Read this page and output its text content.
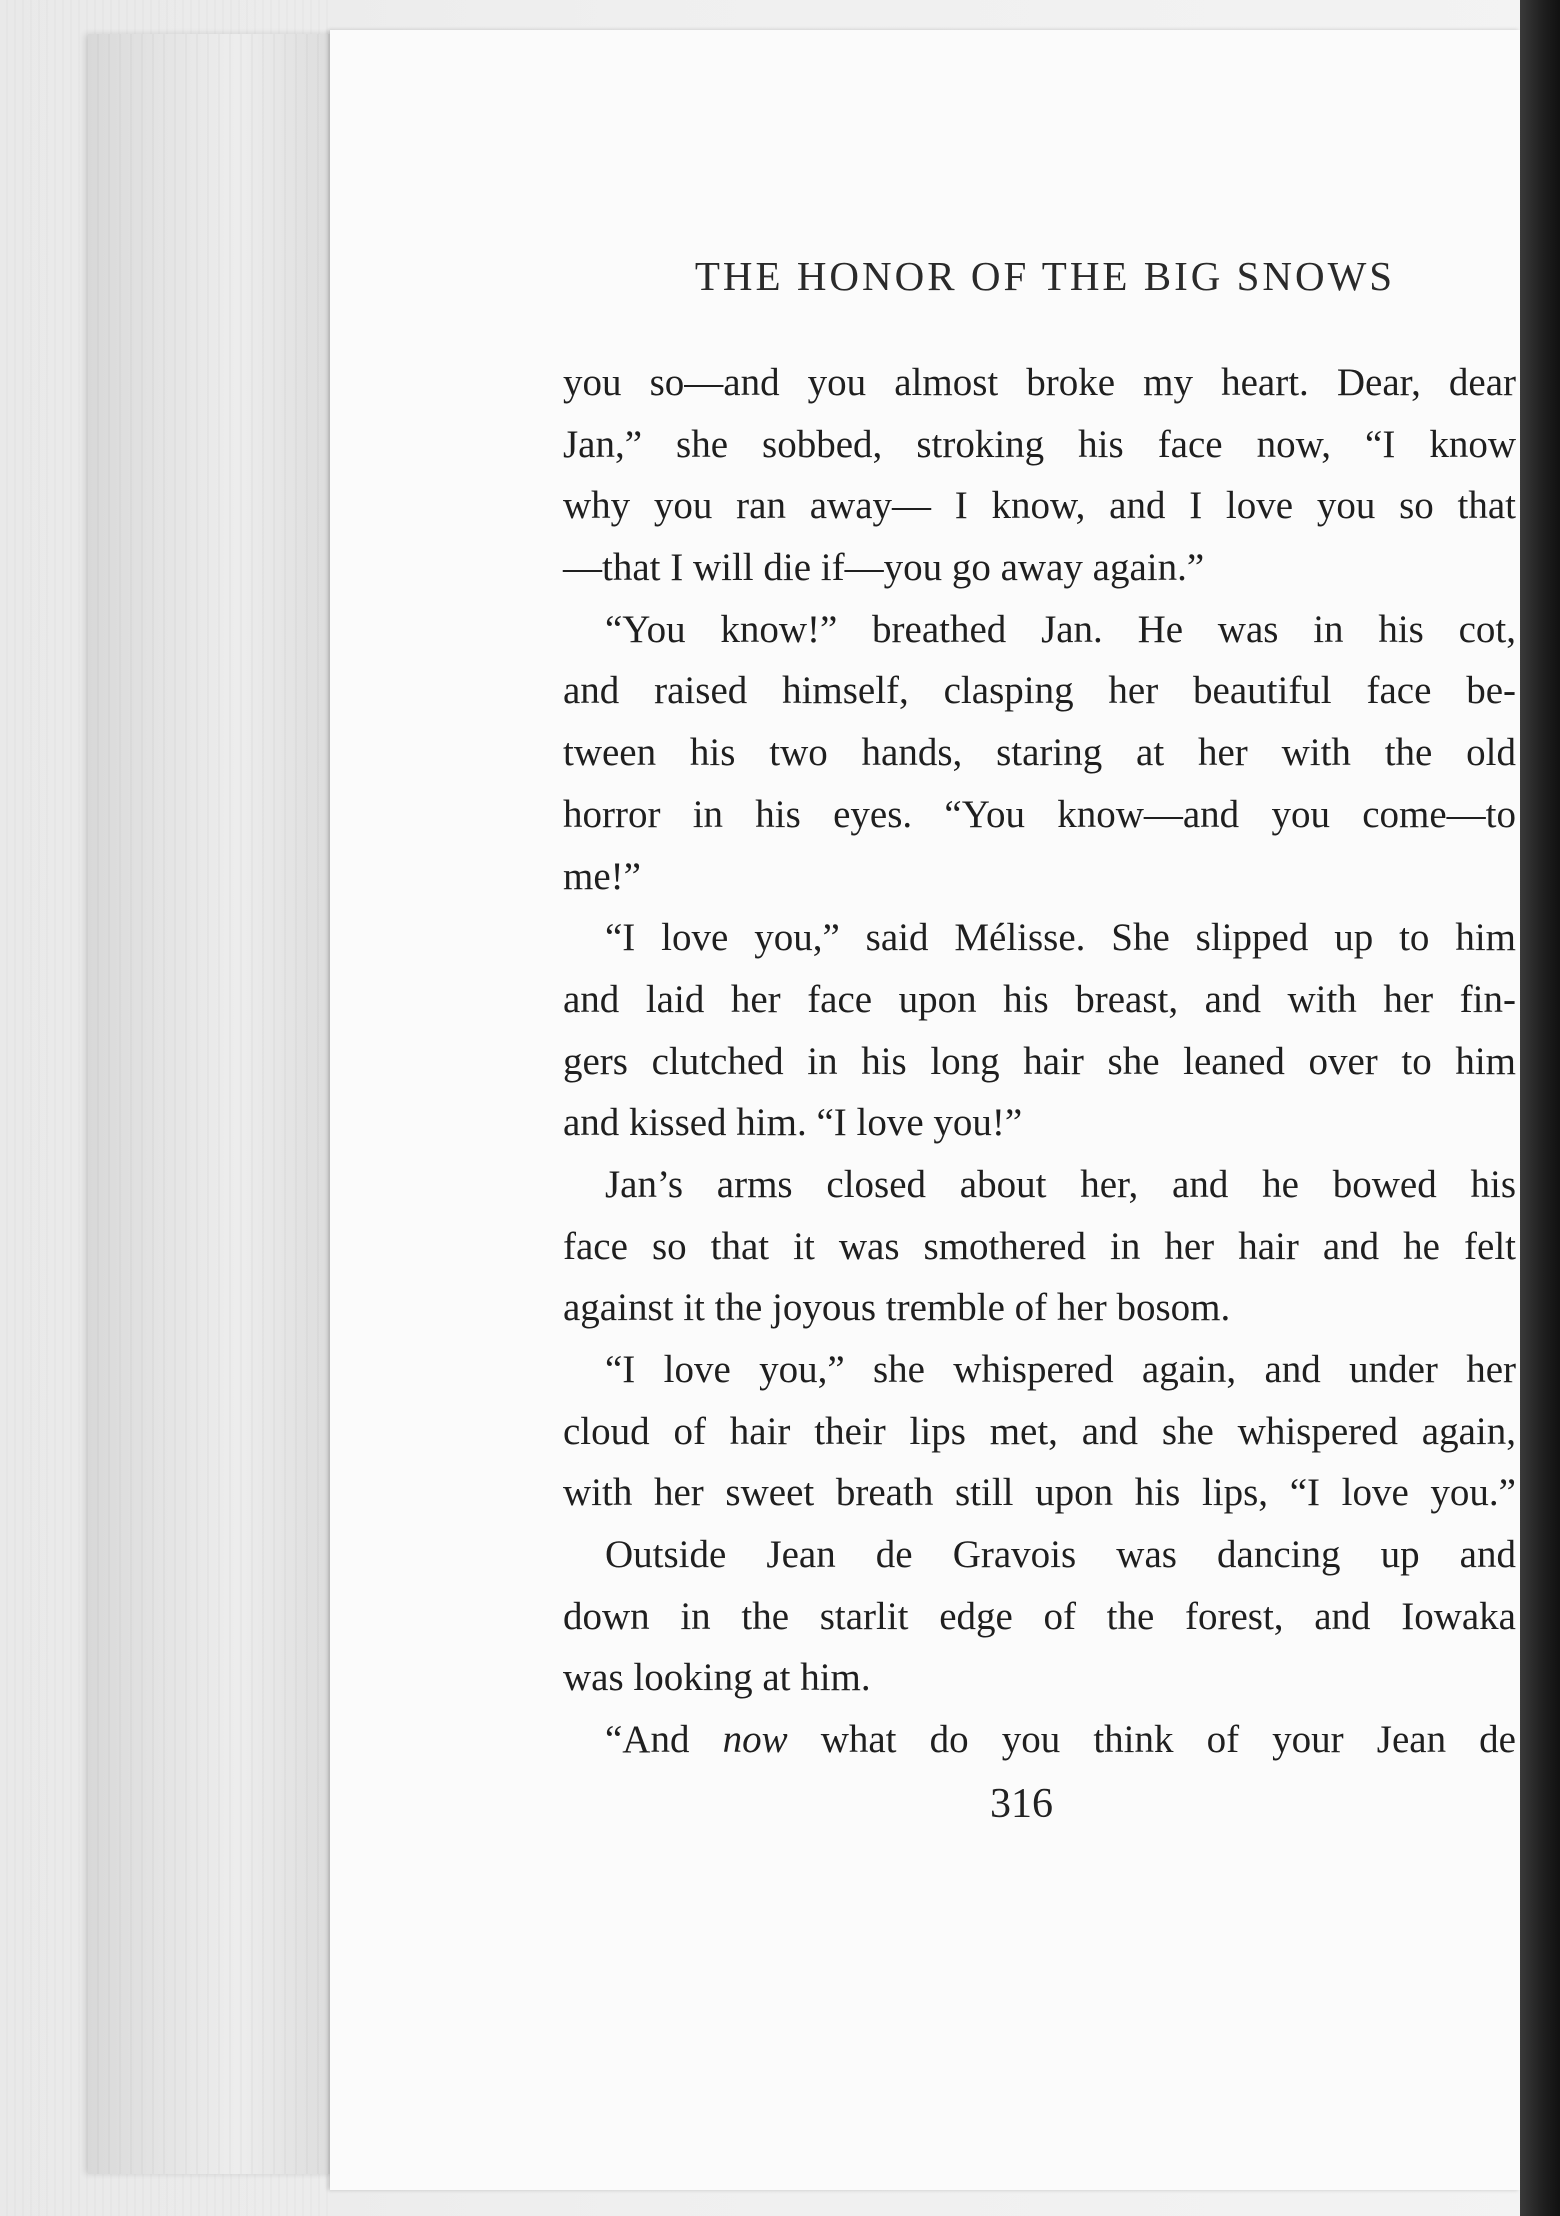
THE HONOR OF THE BIG SNOWS
you so—and you almost broke my heart. Dear, dear
Jan,” she sobbed, stroking his face now, “I know
why you ran away— I know, and I love you so that
—that I will die if—you go away again.”
“You know!” breathed Jan. He was in his cot,
and raised himself, clasping her beautiful face be-
tween his two hands, staring at her with the old
horror in his eyes. “You know—and you come—to
me!”
“I love you,” said Mélisse. She slipped up to him
and laid her face upon his breast, and with her fin-
gers clutched in his long hair she leaned over to him
and kissed him. “I love you!”
Jan’s arms closed about her, and he bowed his
face so that it was smothered in her hair and he felt
against it the joyous tremble of her bosom.
“I love you,” she whispered again, and under her
cloud of hair their lips met, and she whispered again,
with her sweet breath still upon his lips, “I love you.”
Outside Jean de Gravois was dancing up and
down in the starlit edge of the forest, and Iowaka
was looking at him.
“And now what do you think of your Jean de
316
